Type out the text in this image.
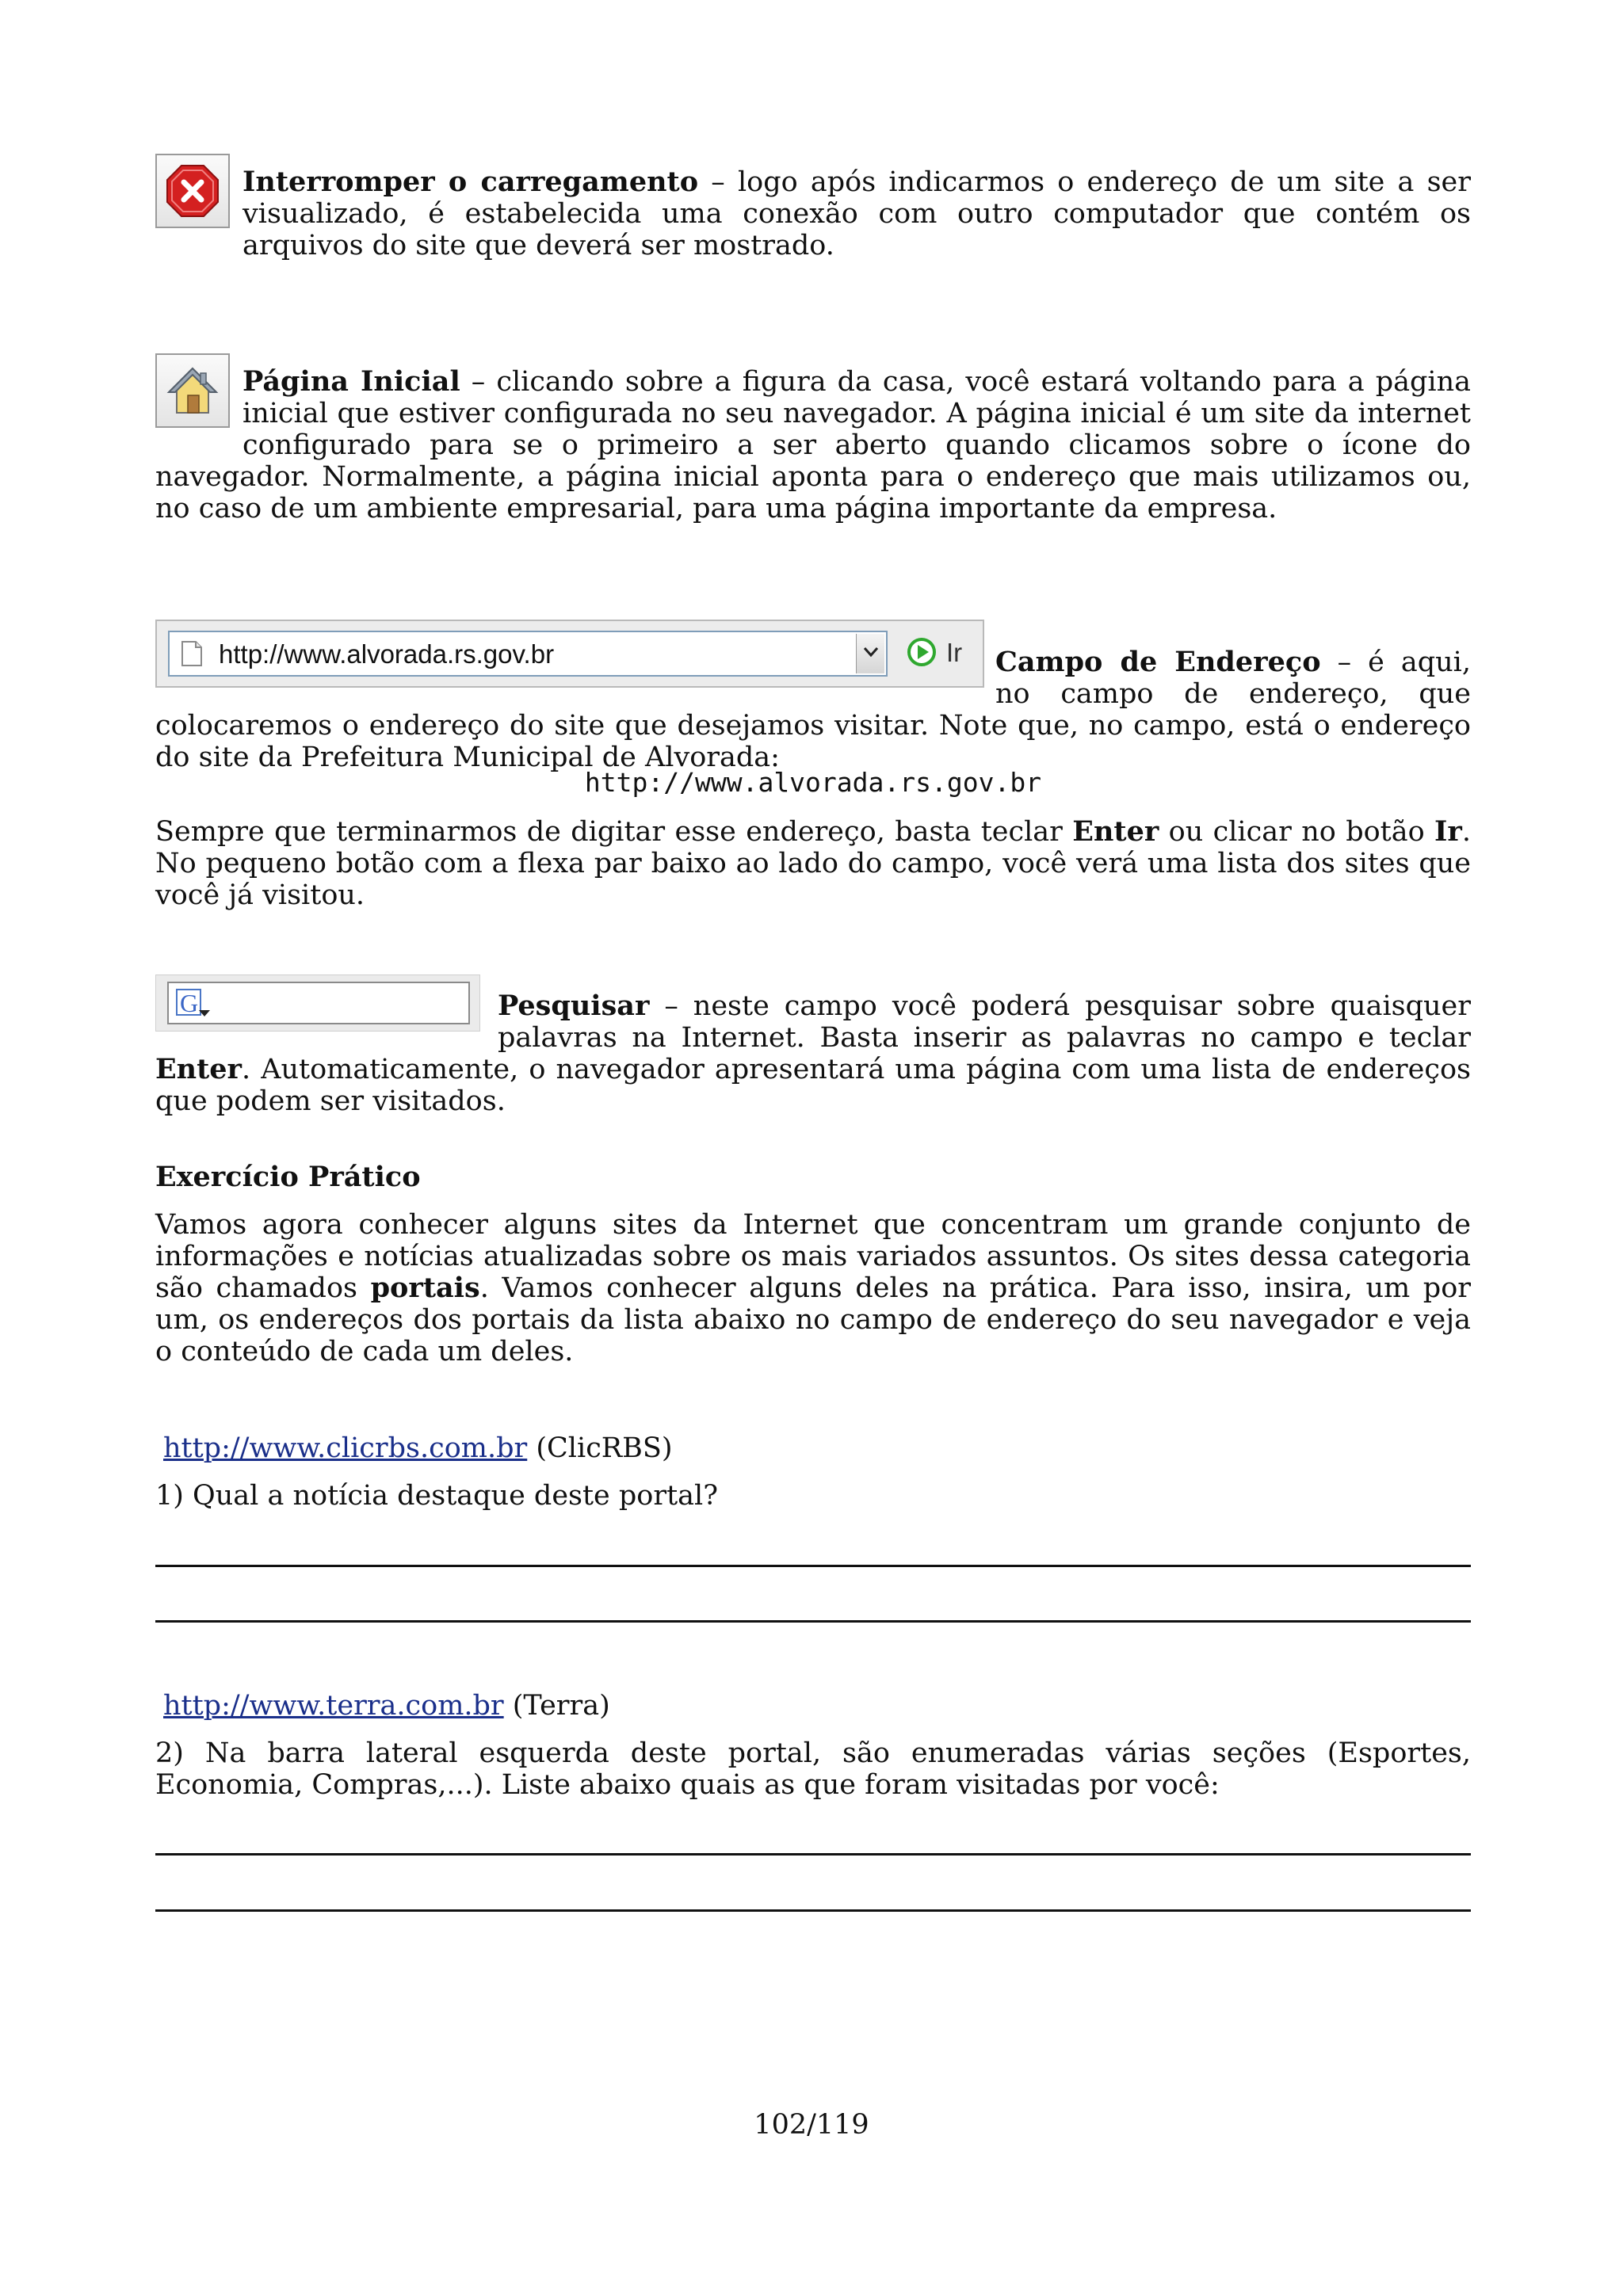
Interromper o carregamento – logo após indicarmos o endereço de um site a ser visualizado, é estabelecida uma conexão com outro computador que contém os arquivos do site que deverá ser mostrado.

Página Inicial – clicando sobre a figura da casa, você estará voltando para a página inicial que estiver configurada no seu navegador. A página inicial é um site da internet configurado para se o primeiro a ser aberto quando clicamos sobre o ícone do navegador. Normalmente, a página inicial aponta para o endereço que mais utilizamos ou, no caso de um ambiente empresarial, para uma página importante da empresa.

http://www.alvorada.rs.gov.br	Ir Campo de Endereço – é aqui, no campo de endereço, que colocaremos o endereço do site que desejamos visitar. Note que, no campo, está o endereço do site da Prefeitura Municipal de Alvorada:

http://www.alvorada.rs.gov.br

Sempre que terminarmos de digitar esse endereço, basta teclar Enter ou clicar no botão Ir. No pequeno botão com a flexa par baixo ao lado do campo, você verá uma lista dos sites que você já visitou.

G	Pesquisar – neste campo você poderá pesquisar sobre quaisquer palavras na Internet. Basta inserir as palavras no campo e teclar Enter. Automaticamente, o navegador apresentará uma página com uma lista de endereços que podem ser visitados.

Exercício Prático

Vamos agora conhecer alguns sites da Internet que concentram um grande conjunto de informações e notícias atualizadas sobre os mais variados assuntos. Os sites dessa categoria são chamados portais. Vamos conhecer alguns deles na prática. Para isso, insira, um por um, os endereços dos portais da lista abaixo no campo de endereço do seu navegador e veja o conteúdo de cada um deles.

http://www.clicrbs.com.br (ClicRBS)

1) Qual a notícia destaque deste portal?

http://www.terra.com.br (Terra)

2) Na barra lateral esquerda deste portal, são enumeradas várias seções (Esportes, Economia, Compras,...). Liste abaixo quais as que foram visitadas por você:

102/119
